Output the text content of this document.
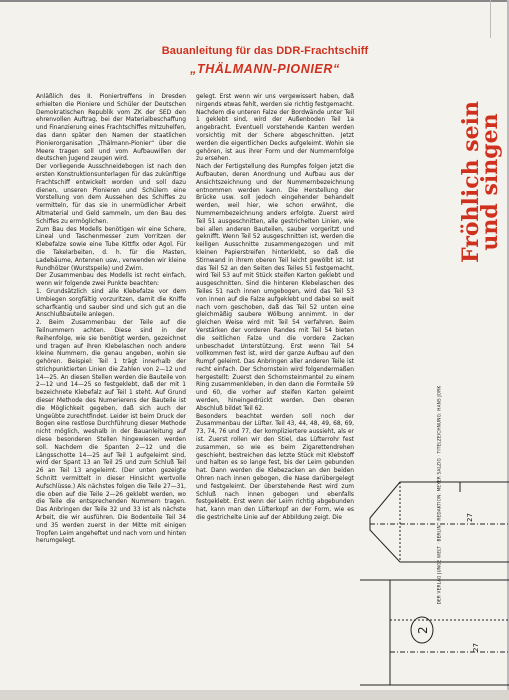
Bauanleitung für das DDR-Frachtschiff
„THÄLMANN-PIONIER“

Anläßlich des II. Pioniertreffens in Dresden erhielten die Pioniere und Schüler der Deutschen Demokratischen Republik vom ZK der SED den ehrenvollen Auftrag, bei der Materialbeschaffung und Finanzierung eines Frachtschiffes mitzuhelfen, das dann später den Namen der staatlichen Pionierorganisation „Thälmann-Pionier“ über die Meere tragen soll und vom Aufbauwillen der deutschen Jugend zeugen wird.

Der vorliegende Ausschneidebogen ist nach den ersten Konstruktionsunterlagen für das zukünftige Frachtschiff entwickelt worden und soll dazu dienen, unseren Pionieren und Schülern eine Vorstellung von dem Aussehen des Schiffes zu vermitteln, für das sie in unermüdlicher Arbeit Altmaterial und Geld sammeln, um den Bau des Schiffes zu ermöglichen.

Zum Bau des Modells benötigen wir eine Schere, Lineal und Taschenmesser zum Vorritzen der Klebefalze sowie eine Tube Kittfix oder Agol. Für die Takelarbeiten, d. h. für die Masten, Ladebäume, Antennen usw., verwenden wir kleine Rundhölzer (Wurstspeile) und Zwirn.

Der Zusammenbau des Modells ist recht einfach, wenn wir folgende zwei Punkte beachten:

1. Grundsätzlich sind alle Klebefalze vor dem Umbiegen sorgfältig vorzuritzen, damit die Kniffe scharfkantig und sauber sind und sich gut an die Anschlußbauteile anlegen.

2. Beim Zusammenbau der Teile auf die Teilnummern achten. Diese sind in der Reihenfolge, wie sie benötigt werden, gezeichnet und tragen auf ihren Klebelaschen noch andere kleine Nummern, die genau angeben, wohin sie gehören. Beispiel: Teil 1 trägt innerhalb der strichpunktierten Linien die Zahlen von 2—12 und 14—25. An diesen Stellen werden die Bauteile von 2—12 und 14—25 so festgeklebt, daß der mit 1 bezeichnete Klebefalz auf Teil 1 steht. Auf Grund dieser Methode des Numerierens der Bauteile ist die Möglichkeit gegeben, daß sich auch der Ungeübte zurechtfindet. Leider ist beim Druck der Bogen eine restlose Durchführung dieser Methode nicht möglich, weshalb in der Bauanleitung auf diese besonderen Stellen hingewiesen werden soll. Nachdem die Spanten 2—12 und die Längsschotte 14—25 auf Teil 1 aufgeleimt sind, wird der Spant 13 an Teil 25 und zum Schluß Teil 26 an Teil 13 angeleimt. (Der unten gezeigte Schnitt vermittelt in dieser Hinsicht wertvolle Aufschlüsse.) Als nächstes folgen die Teile 27—31, die oben auf die Teile 2—26 geklebt werden, wo die Teile die entsprechenden Nummern tragen. Das Anbringen der Teile 32 und 33 ist als nächste Arbeit, die wir ausführen. Die Bodenteile Teil 34 und 35 werden zuerst in der Mitte mit einigen Tropfen Leim angeheftet und nach vorn und hinten herumgelegt.

gelegt. Erst wenn wir uns vergewissert haben, daß nirgends etwas fehlt, werden sie richtig festgemacht. Nachdem die unteren Falze der Bordwände unter Teil 1 geklebt sind, wird der Außenboden Teil 1a angebracht. Eventuell vorstehende Kanten werden vorsichtig mit der Schere abgeschnitten. Jetzt werden die eigentlichen Decks aufgeleimt. Wohin sie gehören, ist aus ihrer Form und der Nummernfolge zu ersehen.

Nach der Fertigstellung des Rumpfes folgen jetzt die Aufbauten, deren Anordnung und Aufbau aus der Ansichtszeichnung und der Nummernbezeichnung entnommen werden kann. Die Herstellung der Brücke usw. soll jedoch eingehender behandelt werden, weil hier, wie schon erwähnt, die Nummernbezeichnung anders erfolgte. Zuerst wird Teil 51 ausgeschnitten, alle gestrichelten Linien, wie bei allen anderen Bauteilen, sauber vorgeritzt und geknifft. Wenn Teil 52 ausgeschnitten ist, werden die keiligen Ausschnitte zusammengezogen und mit kleinen Papierstreifen hinterklebt, so daß die Stirnwand in ihrem oberen Teil leicht gewölbt ist. Ist das Teil 52 an den Seiten des Teiles 51 festgemacht, wird Teil 53 auf mit Stück steifen Karton geklebt und ausgeschnitten. Sind die hinteren Klebelaschen des Teiles 51 nach innen umgebogen, wird das Teil 53 von innen auf die Falze aufgeklebt und dabei so weit nach vorn geschoben, daß das Teil 52 unten eine gleichmäßig saubere Wölbung annimmt. In der gleichen Weise wird mit Teil 54 verfahren. Beim Verstärken der vorderen Randes mit Teil 54 bieten die seitlichen Falze und die vordere Zacken unbeschadet Unterstützung. Erst wenn Teil 54 vollkommen fest ist, wird der ganze Aufbau auf den Rumpf geleimt. Das Anbringen aller anderen Teile ist recht einfach. Der Schornstein wird folgendermaßen hergestellt: Zuerst den Schornsteinmantel zu einem Ring zusammenkleben, in den dann die Formteile 59 und 60, die vorher auf steifen Karton geleimt werden, hineingedrückt werden. Den oberen Abschluß bildet Teil 62.

Besonders beachtet werden soll noch der Zusammenbau der Lüfter. Teil 43, 44, 48, 49, 68, 69, 73, 74, 76 und 77, der kompliziertere aussieht, als er ist. Zuerst rollen wir den Stiel, das Lüfterrohr fest zusammen, so wie es beim Zigarettendrehen geschieht, bestreichen das letzte Stück mit Klebstoff und halten es so lange fest, bis der Leim gebunden hat. Dann werden die Klebezacken an den beiden Ohren nach innen gebogen, die Nase darübergelegt und festgeleimt. Der überstehende Rest wird zum Schluß nach innen gebogen und ebenfalls festgeklebt. Erst wenn der Leim richtig abgebunden hat, kann man den Lüfterkopf an der Form, wie es die gestrichelte Linie auf der Abbildung zeigt. Die

Fröhlich sein
und singen
DER VERLAG JUNGE WELT · BERLIN · REDAKTION: MEYER SALZIG · TITELZEICHNUNG: HANS JORK	27
2
27
